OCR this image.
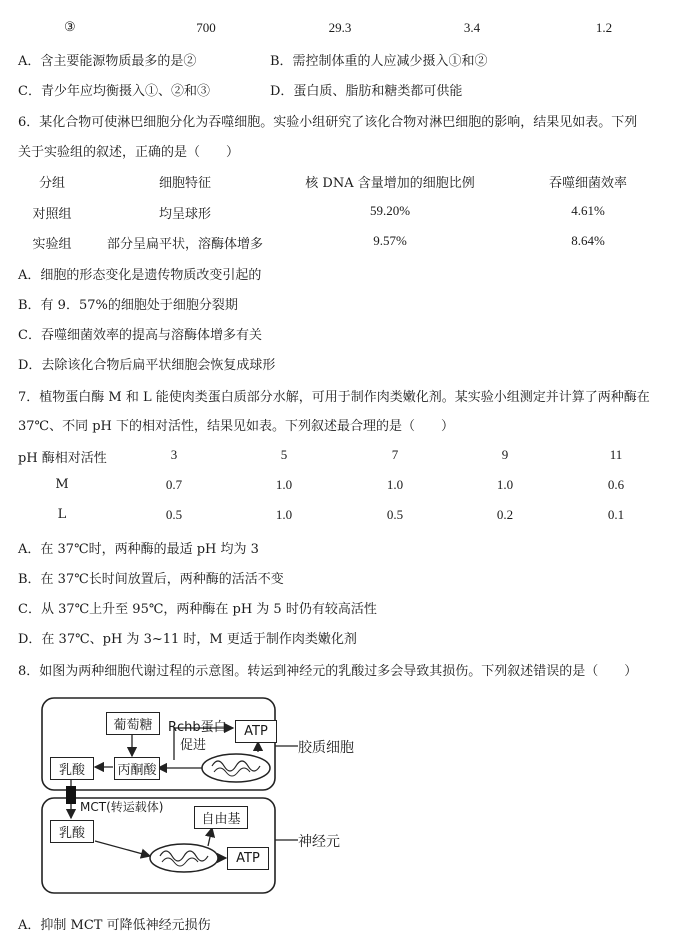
③	700	29.3	3.4	1.2
A．含主要能源物质最多的是②	B．需控制体重的人应减少摄入①和②
C．青少年应均衡摄入①、②和③	D．蛋白质、脂肪和糖类都可供能
6．某化合物可使淋巴细胞分化为吞噬细胞。实验小组研究了该化合物对淋巴细胞的影响，结果见如表。下列
关于实验组的叙述，正确的是（　　）
分组	细胞特征	核 DNA 含量增加的细胞比例	吞噬细菌效率
对照组	均呈球形	59.20%	4.61%
实验组	部分呈扁平状，溶酶体增多	9.57%	8.64%
A．细胞的形态变化是遗传物质改变引起的
B．有 9．57%的细胞处于细胞分裂期
C．吞噬细菌效率的提高与溶酶体增多有关
D．去除该化合物后扁平状细胞会恢复成球形
7．植物蛋白酶 M 和 L 能使肉类蛋白质部分水解，可用于制作肉类嫩化剂。某实验小组测定并计算了两种酶在
37℃、不同 pH 下的相对活性，结果见如表。下列叙述最合理的是（　　）
pH 酶相对活性	3	5	7	9	11
M	0.7	1.0	1.0	1.0	0.6
L	0.5	1.0	0.5	0.2	0.1
A．在 37℃时，两种酶的最适 pH 均为 3
B．在 37℃长时间放置后，两种酶的活活不变
C．从 37℃上升至 95℃，两种酶在 pH 为 5 时仍有较高活性
D．在 37℃、pH 为 3~11 时，M 更适于制作肉类嫩化剂
8．如图为两种细胞代谢过程的示意图。转运到神经元的乳酸过多会导致其损伤。下列叙述错误的是（　　）
葡萄糖
丙酮酸
乳酸
Rchb蛋白
促进
ATP
胶质细胞
MCT(转运载体)
乳酸
自由基
ATP
神经元
A．抑制 MCT 可降低神经元损伤
